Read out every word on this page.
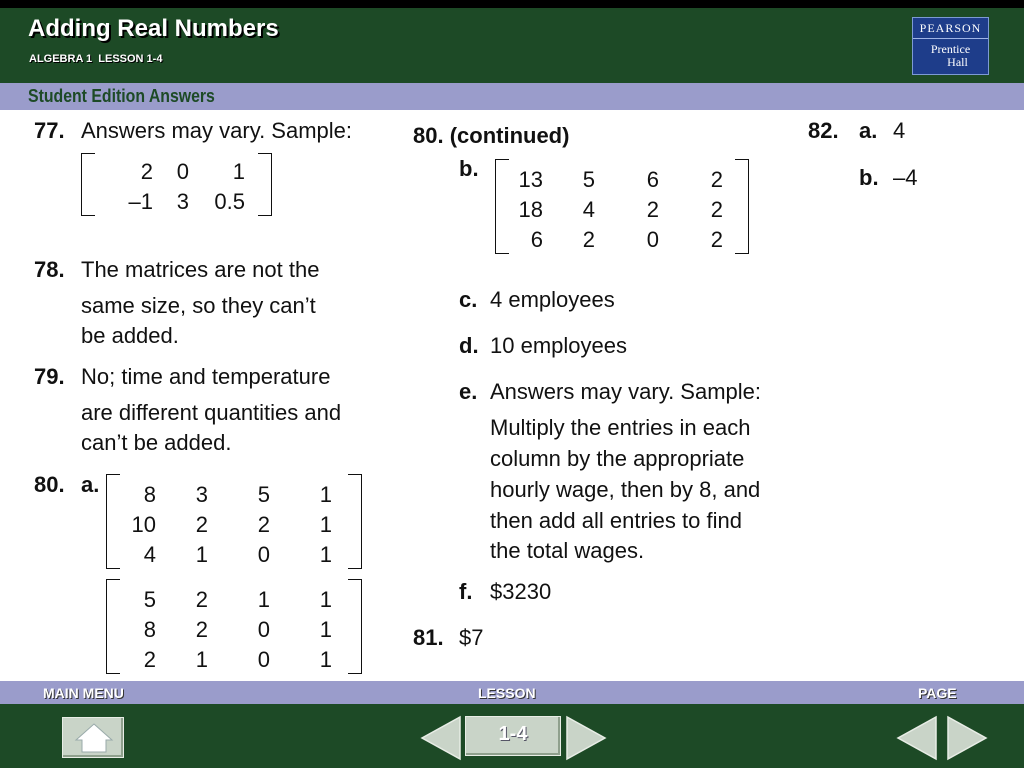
Adding Real Numbers
ALGEBRA 1  LESSON 1-4
PEARSON
Prentice
Hall
Student Edition Answers
77. Answers may vary. Sample:
2	0	1
–1	3	0.5
78. The matrices are not the
same size, so they can’t
be added.
79. No; time and temperature
are different quantities and
can’t be added.
80. a.	8	3	5	1
10	2	2	1
4	1	0	1
5	2	1	1
8	2	0	1
2	1	0	1
80. (continued)
b.	13	5	6	2
18	4	2	2
6	2	0	2
c. 4 employees
d. 10 employees
e. Answers may vary. Sample:
Multiply the entries in each
column by the appropriate
hourly wage, then by 8, and
then add all entries to find
the total wages.
f. $3230
81. $7
82. a. 4
b. –4
MAIN MENU	LESSON	PAGE
1-4
